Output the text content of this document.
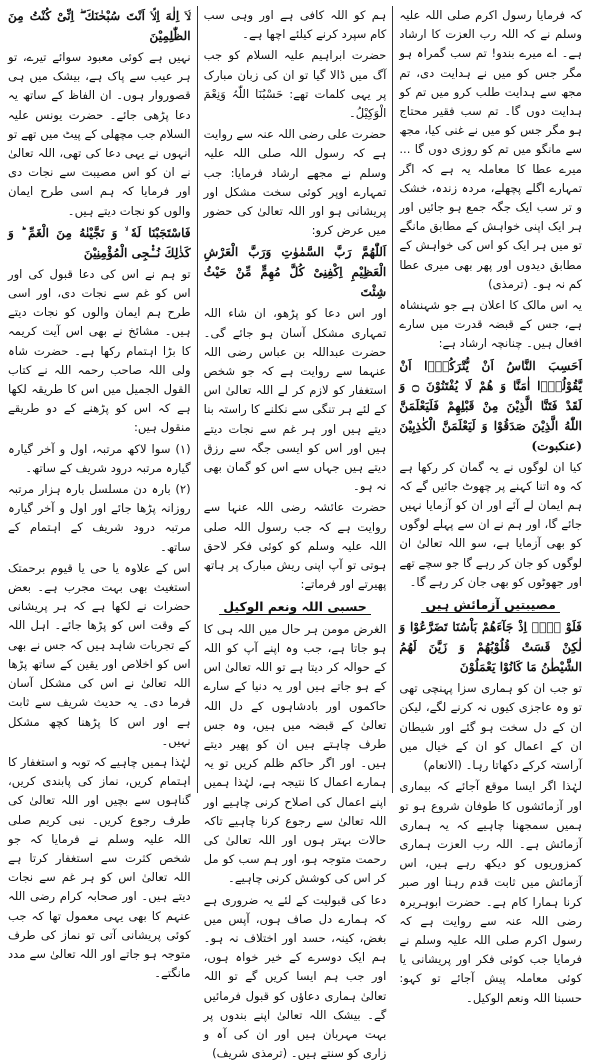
کہ فرمایا رسول اکرم صلی اللہ علیہ وسلم نے کہ اللہ رب العزت کا ارشاد ہے۔ اے میرے بندو! تم سب گمراہ ہو مگر جس کو میں نے ہدایت دی، تم مجھ سے ہدایت طلب کرو میں تم کو ہدایت دوں گا۔ تم سب فقیر محتاج ہو مگر جس کو میں نے غنی کیا، مجھ سے مانگو میں تم کو روزی دوں گا ... میرے عطا کا معاملہ یہ ہے کہ اگر تمہارے اگلے پچھلے، مردہ زندہ، خشک و تر سب ایک جگہ جمع ہو جائیں اور ہر ایک اپنی خواہش کے مطابق مانگے تو میں ہر ایک کو اس کی خواہش کے مطابق دیدوں اور پھر بھی میری عطا کم نہ ہو۔ (ترمذی)

یہ اس مالک کا اعلان ہے جو شہنشاہ ہے، جس کے قبضہ قدرت میں سارے افعال ہیں۔ چنانچہ ارشاد ہے:

اَحَسِبَ النَّاسُ اَنْ یُّتْرَكُوْۤا اَنْ یَّقُوْلُوْۤا اٰمَنَّا وَ هُمْ لَا یُفْتَنُوْنَ ۝ وَ لَقَدْ فَتَنَّا الَّذِیْنَ مِنْ قَبْلِهِمْ فَلَیَعْلَمَنَّ اللّٰهُ الَّذِیْنَ صَدَقُوْا وَ لَیَعْلَمَنَّ الْكٰذِبِیْنَ (عنکبوت)

کیا ان لوگوں نے یہ گمان کر رکھا ہے کہ وہ اتنا کہنے پر چھوٹ جائیں گے کہ ہم ایمان لے آئے اور ان کو آزمایا نہیں جائے گا، اور ہم نے ان سے پہلے لوگوں کو بھی آزمایا ہے، سو اللہ تعالیٰ ان لوگوں کو جان کر رہے گا جو سچے تھے اور جھوٹوں کو بھی جان کر رہے گا۔

مصیبتیں آزمائش ہیں

فَلَوْ لَاۤ اِذْ جَآءَهُمْ بَاْسُنَا تَضَرَّعُوْا وَ لٰكِنْ قَسَتْ قُلُوْبُهُمْ وَ زَیَّنَ لَهُمُ الشَّیْطٰنُ مَا كَانُوْا یَعْمَلُوْنَ

تو جب ان کو ہماری سزا پہنچی تھی تو وہ عاجزی کیوں نہ کرنے لگے، لیکن ان کے دل سخت ہو گئے اور شیطان ان کے اعمال کو ان کے خیال میں آراستہ کرکے دکھاتا رہا۔ (الانعام)

لہٰذا اگر ایسا موقع آجائے کہ بیماری اور آزمائشوں کا طوفان شروع ہو تو ہمیں سمجھنا چاہیے کہ یہ ہماری آزمائش ہے۔ اللہ رب العزت ہماری کمزوریوں کو دیکھ رہے ہیں، اس آزمائش میں ثابت قدم رہنا اور صبر کرنا ہمارا کام ہے۔ حضرت ابوہریرہ رضی اللہ عنہ سے روایت ہے کہ رسول اکرم صلی اللہ علیہ وسلم نے فرمایا جب کوئی فکر اور پریشانی یا کوئی معاملہ پیش آجائے تو کہو: حسبنا اللہ ونعم الوکیل۔

ہم کو اللہ کافی ہے اور وہی سب کام سپرد کرنے کیلئے اچھا ہے۔

حضرت ابراہیم علیہ السلام کو جب آگ میں ڈالا گیا تو ان کی زبان مبارک پر یہی کلمات تھے: حَسْبُنَا اللّٰہُ وَنِعْمَ الْوَکِیْلُ۔

حضرت علی رضی اللہ عنہ سے روایت ہے کہ رسول اللہ صلی اللہ علیہ وسلم نے مجھے ارشاد فرمایا: جب تمہارے اوپر کوئی سخت مشکل اور پریشانی ہو اور اللہ تعالیٰ کی حضور میں عرض کرو:

اَللّٰھُمَّ رَبَّ السَّمٰوٰتِ وَرَبَّ الْعَرْشِ الْعَظِیْمِ اِکْفِنِیْ کُلَّ مُھِمٍّ مِّنْ حَیْثُ شِئْتَ

اور اس دعا کو پڑھو، ان شاء اللہ تمہاری مشکل آسان ہو جائے گی۔ حضرت عبداللہ بن عباس رضی اللہ عنہما سے روایت ہے کہ جو شخص استغفار کو لازم کر لے اللہ تعالیٰ اس کے لئے ہر تنگی سے نکلنے کا راستہ بنا دیتے ہیں اور ہر غم سے نجات دیتے ہیں اور اس کو ایسی جگہ سے رزق دیتے ہیں جہاں سے اس کو گمان بھی نہ ہو۔

حضرت عائشہ رضی اللہ عنہا سے روایت ہے کہ جب رسول اللہ صلی اللہ علیہ وسلم کو کوئی فکر لاحق ہوتی تو آپ اپنی ریش مبارک پر ہاتھ پھیرتے اور فرماتے:

حسبی اللہ ونعم الوکیل

الغرض مومن ہر حال میں اللہ ہی کا ہو جاتا ہے، جب وہ اپنے آپ کو اللہ کے حوالہ کر دیتا ہے تو اللہ تعالیٰ اس کے ہو جاتے ہیں اور یہ دنیا کے سارے حاکموں اور بادشاہوں کے دل اللہ تعالیٰ کے قبضہ میں ہیں، وہ جس طرف چاہتے ہیں ان کو پھیر دیتے ہیں۔ اور اگر حاکم ظلم کریں تو یہ ہمارے اعمال کا نتیجہ ہے، لہٰذا ہمیں اپنے اعمال کی اصلاح کرنی چاہیے اور اللہ تعالیٰ سے رجوع کرنا چاہیے تاکہ حالات بہتر ہوں اور اللہ تعالیٰ کی رحمت متوجہ ہو، اور ہم سب کو مل کر اس کی کوشش کرنی چاہیے۔

دعا کی قبولیت کے لئے یہ ضروری ہے کہ ہمارے دل صاف ہوں، آپس میں بغض، کینہ، حسد اور اختلاف نہ ہو۔ ہم ایک دوسرے کے خیر خواہ ہوں، اور جب ہم ایسا کریں گے تو اللہ تعالیٰ ہماری دعاؤں کو قبول فرمائیں گے۔ بیشک اللہ تعالیٰ اپنے بندوں پر بہت مہربان ہیں اور ان کی آہ و زاری کو سنتے ہیں۔ (ترمذی شریف)

لَاۤ اِلٰهَ اِلَّاۤ اَنْتَ سُبْحٰنَكَ ۖ اِنِّیْ كُنْتُ مِنَ الظّٰلِمِیْنَ

نہیں ہے کوئی معبود سوائے تیرے، تو ہر عیب سے پاک ہے، بیشک میں ہی قصوروار ہوں۔ ان الفاظ کے ساتھ یہ دعا پڑھی جائے۔ حضرت یونس علیہ السلام جب مچھلی کے پیٹ میں تھے تو انہوں نے یہی دعا کی تھی، اللہ تعالیٰ نے ان کو اس مصیبت سے نجات دی اور فرمایا کہ ہم اسی طرح ایمان والوں کو نجات دیتے ہیں۔

فَاسْتَجَبْنَا لَهٗ ۙ وَ نَجَّیْنٰهُ مِنَ الْغَمِّ ؕ وَ كَذٰلِكَ نُـْۨجِی الْمُؤْمِنِیْنَ

تو ہم نے اس کی دعا قبول کی اور اس کو غم سے نجات دی، اور اسی طرح ہم ایمان والوں کو نجات دیتے ہیں۔ مشائخ نے بھی اس آیت کریمہ کا بڑا اہتمام رکھا ہے۔ حضرت شاہ ولی اللہ صاحب رحمہ اللہ نے کتاب القول الجمیل میں اس کا طریقہ لکھا ہے کہ اس کو پڑھنے کے دو طریقے منقول ہیں:

(۱) سوا لاکھ مرتبہ، اول و آخر گیارہ گیارہ مرتبہ درود شریف کے ساتھ۔

(۲) بارہ دن مسلسل بارہ ہزار مرتبہ روزانہ پڑھا جائے اور اول و آخر گیارہ مرتبہ درود شریف کے اہتمام کے ساتھ۔

اس کے علاوہ یا حی یا قیوم برحمتک استغیث بھی بہت مجرب ہے۔ بعض حضرات نے لکھا ہے کہ ہر پریشانی کے وقت اس کو پڑھا جائے۔ اہل اللہ کے تجربات شاہد ہیں کہ جس نے بھی اس کو اخلاص اور یقین کے ساتھ پڑھا اللہ تعالیٰ نے اس کی مشکل آسان فرما دی۔ یہ حدیث شریف سے ثابت ہے اور اس کا پڑھنا کچھ مشکل نہیں۔

لہٰذا ہمیں چاہیے کہ توبہ و استغفار کا اہتمام کریں، نماز کی پابندی کریں، گناہوں سے بچیں اور اللہ تعالیٰ کی طرف رجوع کریں۔ نبی کریم صلی اللہ علیہ وسلم نے فرمایا کہ جو شخص کثرت سے استغفار کرتا ہے اللہ تعالیٰ اس کو ہر غم سے نجات دیتے ہیں۔ اور صحابہ کرام رضی اللہ عنہم کا بھی یہی معمول تھا کہ جب کوئی پریشانی آتی تو نماز کی طرف متوجہ ہو جاتے اور اللہ تعالیٰ سے مدد مانگتے۔
